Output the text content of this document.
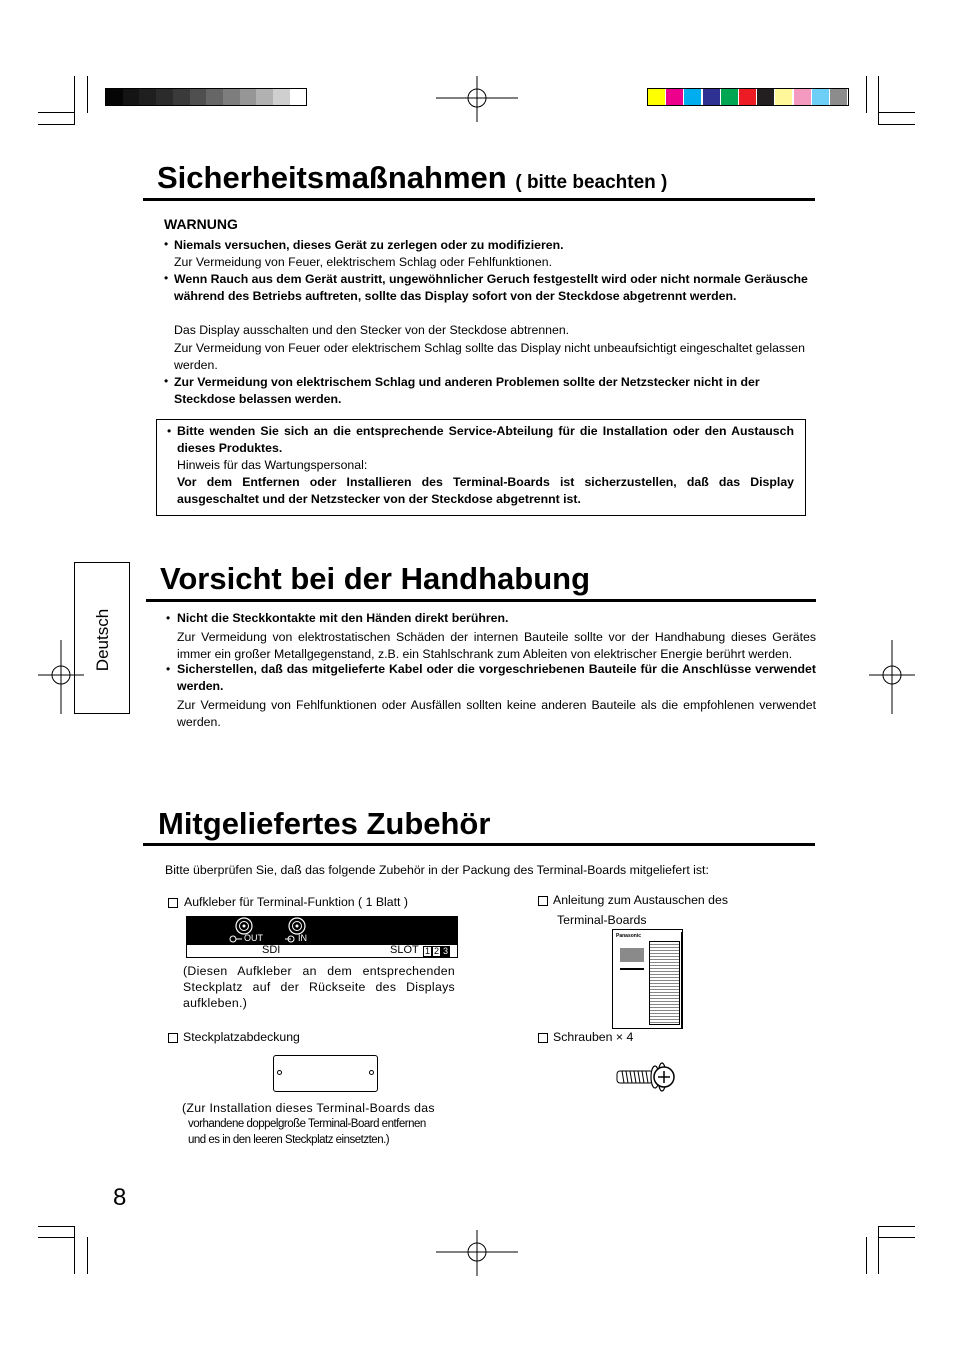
Sicherheitsmaßnahmen ( bitte beachten )
WARNUNG
• Niemals versuchen, dieses Gerät zu zerlegen oder zu modifizieren.
Zur Vermeidung von Feuer, elektrischem Schlag oder Fehlfunktionen.
• Wenn Rauch aus dem Gerät austritt, ungewöhnlicher Geruch festgestellt wird oder nicht normale Geräusche während des Betriebs auftreten, sollte das Display sofort von der Steckdose abgetrennt werden.
Das Display ausschalten und den Stecker von der Steckdose abtrennen.
Zur Vermeidung von Feuer oder elektrischem Schlag sollte das Display nicht unbeaufsichtigt eingeschaltet gelassen werden.
• Zur Vermeidung von elektrischem Schlag und anderen Problemen sollte der Netzstecker nicht in der Steckdose belassen werden.
• Bitte wenden Sie sich an die entsprechende Service-Abteilung für die Installation oder den Austausch dieses Produktes.
Hinweis für das Wartungspersonal:
Vor dem Entfernen oder Installieren des Terminal-Boards ist sicherzustellen, daß das Display ausgeschaltet und der Netzstecker von der Steckdose abgetrennt ist.
Deutsch
Vorsicht bei der Handhabung
• Nicht die Steckkontakte mit den Händen direkt berühren.
Zur Vermeidung von elektrostatischen Schäden der internen Bauteile sollte vor der Handhabung dieses Gerätes immer ein großer Metallgegenstand, z.B. ein Stahlschrank zum Ableiten von elektrischer Energie berührt werden.
• Sicherstellen, daß das mitgelieferte Kabel oder die vorgeschriebenen Bauteile für die Anschlüsse verwendet werden.
Zur Vermeidung von Fehlfunktionen oder Ausfällen sollten keine anderen Bauteile als die empfohlenen verwendet werden.
Mitgeliefertes Zubehör
Bitte überprüfen Sie, daß das folgende Zubehör in der Packung des Terminal-Boards mitgeliefert ist:
Aufkleber für Terminal-Funktion ( 1 Blatt )
OUT	IN
SDI	SLOT 1 2 3
(Diesen Aufkleber an dem entsprechenden Steckplatz auf der Rückseite des Displays aufkleben.)
Anleitung zum Austauschen des
Terminal-Boards
Panasonic
Steckplatzabdeckung
(Zur Installation dieses Terminal-Boards das
vorhandene doppelgroße Terminal-Board entfernen
und es in den leeren Steckplatz einsetzten.)
Schrauben × 4
8
